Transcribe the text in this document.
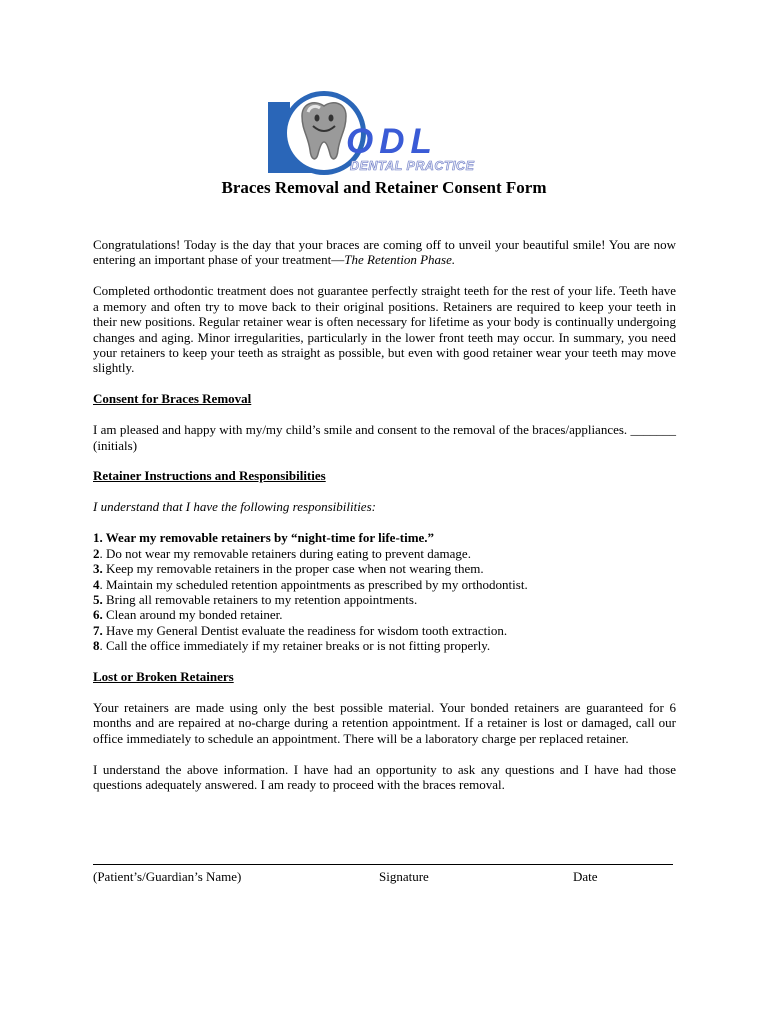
ODL
DENTAL PRACTICE
Braces Removal and Retainer Consent Form

Congratulations! Today is the day that your braces are coming off to unveil your beautiful smile! You are now entering an important phase of your treatment—The Retention Phase.

Completed orthodontic treatment does not guarantee perfectly straight teeth for the rest of your life. Teeth have a memory and often try to move back to their original positions. Retainers are required to keep your teeth in their new positions. Regular retainer wear is often necessary for lifetime as your body is continually undergoing changes and aging. Minor irregularities, particularly in the lower front teeth may occur. In summary, you need your retainers to keep your teeth as straight as possible, but even with good retainer wear your teeth may move slightly.

Consent for Braces Removal

I am pleased and happy with my/my child’s smile and consent to the removal of the braces/appliances. _______ (initials)

Retainer Instructions and Responsibilities

I understand that I have the following responsibilities:

1. Wear my removable retainers by “night-time for life-time.”

2. Do not wear my removable retainers during eating to prevent damage.

3. Keep my removable retainers in the proper case when not wearing them.

4. Maintain my scheduled retention appointments as prescribed by my orthodontist.

5. Bring all removable retainers to my retention appointments.

6. Clean around my bonded retainer.

7. Have my General Dentist evaluate the readiness for wisdom tooth extraction.

8. Call the office immediately if my retainer breaks or is not fitting properly.

Lost or Broken Retainers

Your retainers are made using only the best possible material. Your bonded retainers are guaranteed for 6 months and are repaired at no-charge during a retention appointment. If a retainer is lost or damaged, call our office immediately to schedule an appointment. There will be a laboratory charge per replaced retainer.

I understand the above information. I have had an opportunity to ask any questions and I have had those questions adequately answered. I am ready to proceed with the braces removal.

(Patient’s/Guardian’s Name)	Signature	Date
